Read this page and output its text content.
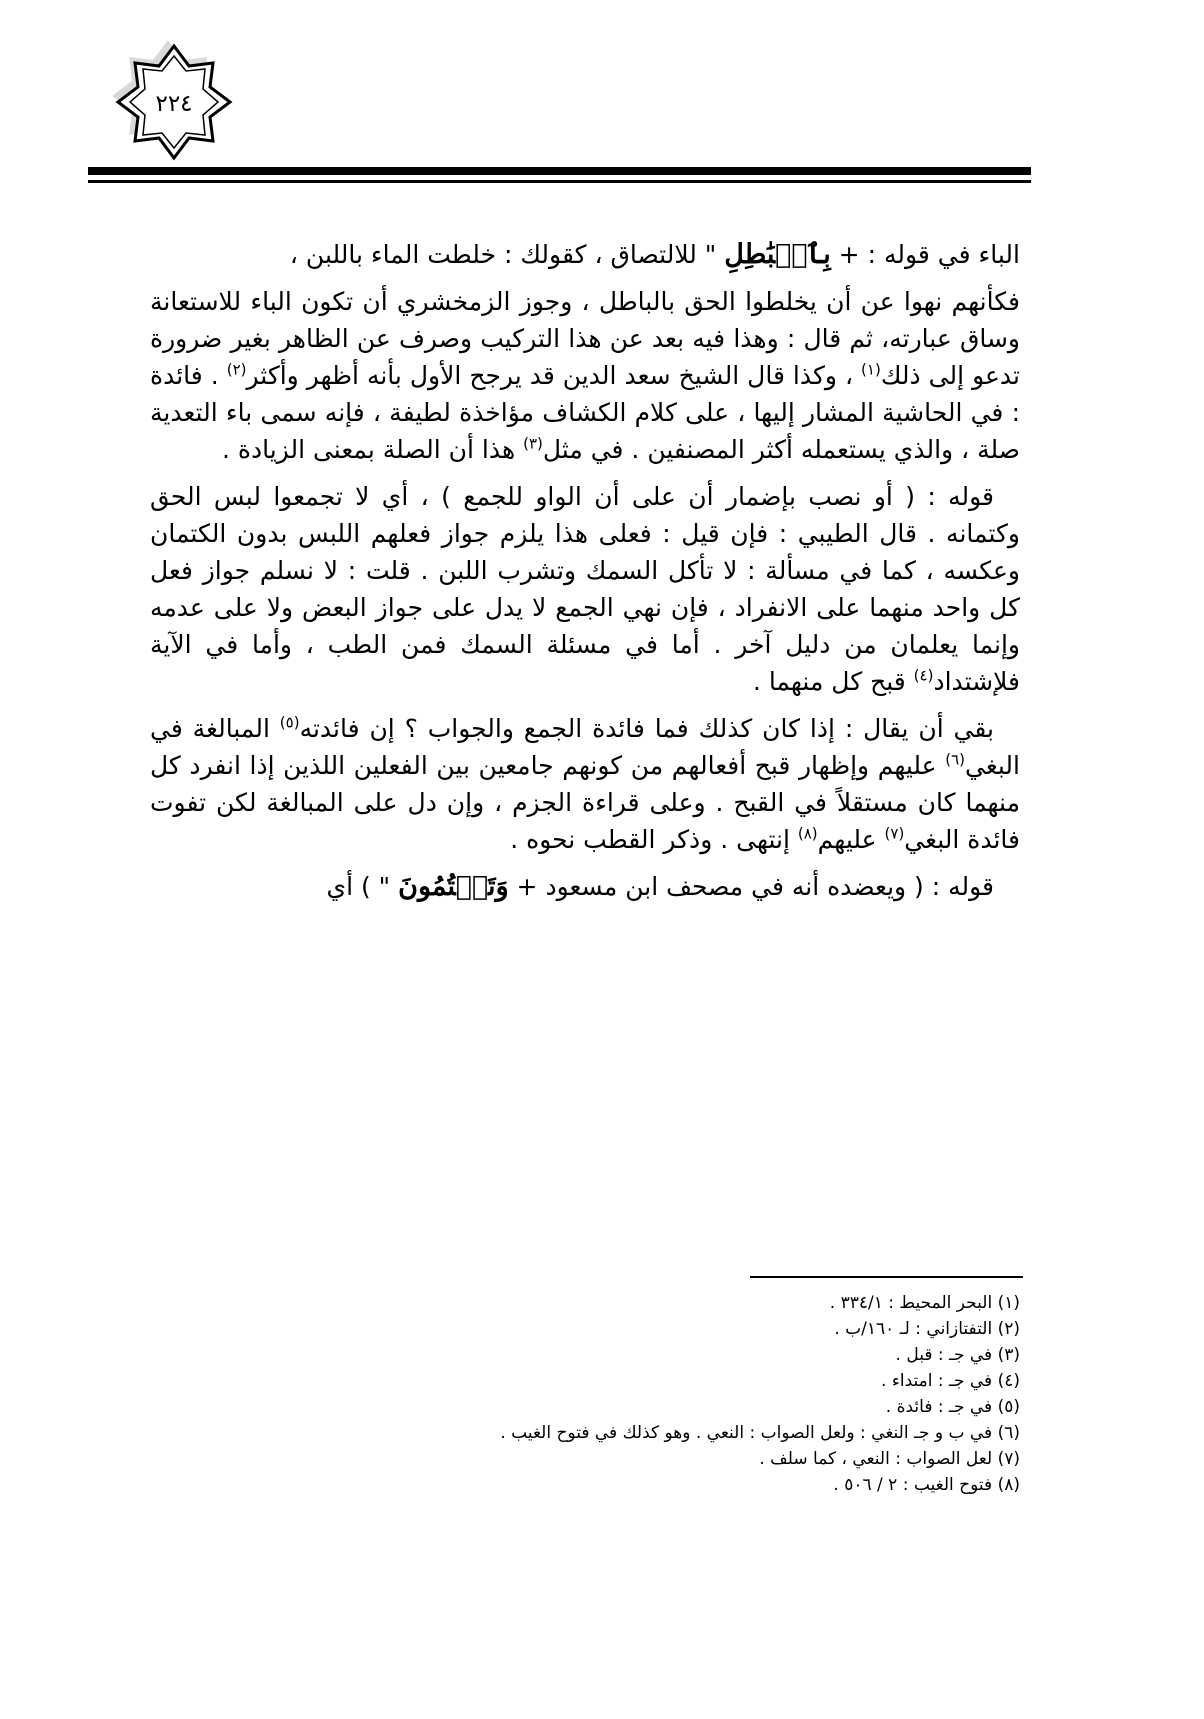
٢٢٤

الباء في قوله : + بِٱلۡبَٰطِلِ " للالتصاق ، كقولك : خلطت الماء باللبن ،

فكأنهم نهوا عن أن يخلطوا الحق بالباطل ، وجوز الزمخشري أن تكون الباء للاستعانة وساق عبارته، ثم قال : وهذا فيه بعد عن هذا التركيب وصرف عن الظاهر بغير ضرورة تدعو إلى ذلك$^{(١)}$ ، وكذا قال الشيخ سعد الدين قد يرجح الأول بأنه أظهر وأكثر$^{(٢)}$ . فائدة : في الحاشية المشار إليها ، على كلام الكشاف مؤاخذة لطيفة ، فإنه سمى باء التعدية صلة ، والذي يستعمله أكثر المصنفين . في مثل$^{(٣)}$ هذا أن الصلة بمعنى الزيادة .

قوله : ( أو نصب بإضمار أن على أن الواو للجمع ) ، أي لا تجمعوا لبس الحق وكتمانه . قال الطيبي : فإن قيل : فعلى هذا يلزم جواز فعلهم اللبس بدون الكتمان وعكسه ، كما في مسألة : لا تأكل السمك وتشرب اللبن . قلت : لا نسلم جواز فعل كل واحد منهما على الانفراد ، فإن نهي الجمع لا يدل على جواز البعض ولا على عدمه وإنما يعلمان من دليل آخر . أما في مسئلة السمك فمن الطب ، وأما في الآية فلإشتداد$^{(٤)}$ قبح كل منهما .

بقي أن يقال : إذا كان كذلك فما فائدة الجمع والجواب ؟ إن فائدته$^{(٥)}$ المبالغة في البغي$^{(٦)}$ عليهم وإظهار قبح أفعالهم من كونهم جامعين بين الفعلين اللذين إذا انفرد كل منهما كان مستقلاً في القبح . وعلى قراءة الجزم ، وإن دل على المبالغة لكن تفوت فائدة البغي$^{(٧)}$ عليهم$^{(٨)}$ إنتهى . وذكر القطب نحوه .

قوله : ( ويعضده أنه في مصحف ابن مسعود + وَتَكۡتُمُونَ " ) أي

(١) البحر المحيط : ٣٣٤/١ .
(٢) التفتازاني : لـ ١٦٠/ب .
(٣) في جـ : قبل .
(٤) في جـ : امتداء .
(٥) في جـ : فائدة .
(٦) في ب و جـ النغي : ولعل الصواب : النعي . وهو كذلك في فتوح الغيب .
(٧) لعل الصواب : النعي ، كما سلف .
(٨) فتوح الغيب : ٢ / ٥٠٦ .
